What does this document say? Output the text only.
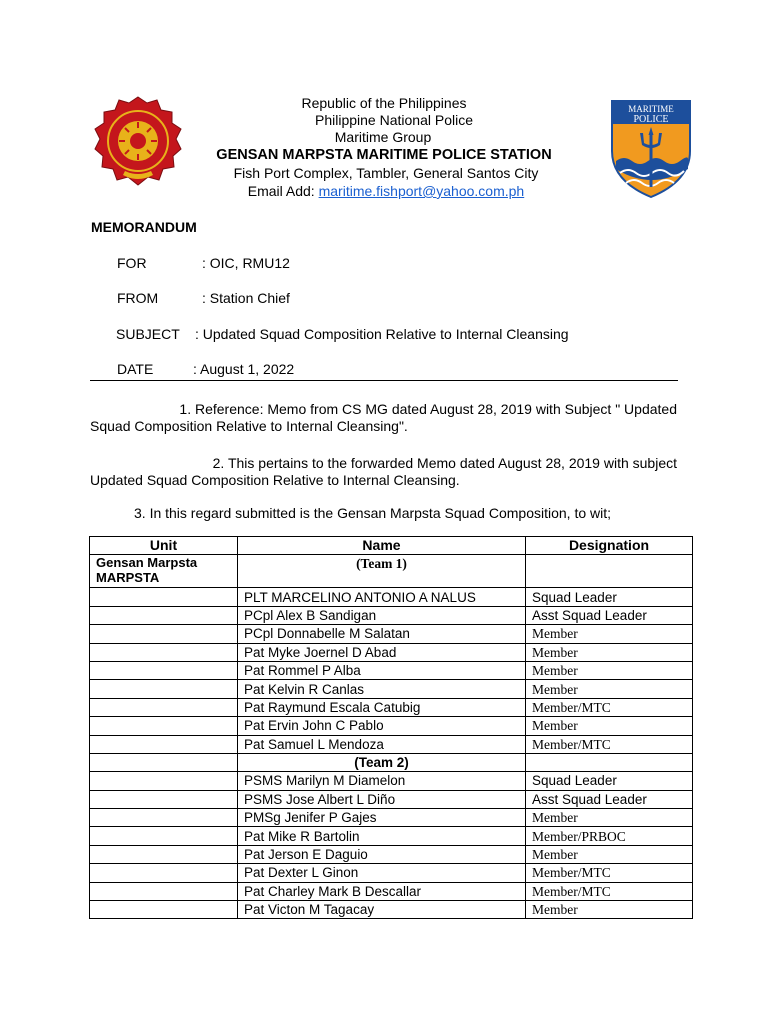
MARITIME
POLICE
Republic of the Philippines
Philippine National Police
Maritime Group
GENSAN MARPSTA MARITIME POLICE STATION
Fish Port Complex, Tambler, General Santos City
Email Add: maritime.fishport@yahoo.com.ph
MEMORANDUM
FOR	: OIC, RMU12
FROM	: Station Chief
SUBJECT : Updated Squad Composition Relative to Internal Cleansing
DATE	: August 1, 2022
1. Reference: Memo from CS MG dated August 28, 2019 with Subject " Updated
Squad Composition Relative to Internal Cleansing".
2. This pertains to the forwarded Memo dated August 28, 2019 with subject
Updated Squad Composition Relative to Internal Cleansing.
3. In this regard submitted is the Gensan Marpsta Squad Composition, to wit;
Unit	Name	Designation

Gensan Marpsta
MARPSTA	(Team 1)	
	PLT MARCELINO ANTONIO A NALUS	Squad Leader
	PCpl Alex B Sandigan	Asst Squad Leader
	PCpl Donnabelle M Salatan	Member
	Pat Myke Joernel D Abad	Member
	Pat Rommel P Alba	Member
	Pat Kelvin R Canlas	Member
	Pat Raymund Escala Catubig	Member/MTC
	Pat Ervin John C Pablo	Member
	Pat Samuel L Mendoza	Member/MTC
	(Team 2)	
	PSMS Marilyn M Diamelon	Squad Leader
	PSMS Jose Albert L Diño	Asst Squad Leader
	PMSg Jenifer P Gajes	Member
	Pat Mike R Bartolin	Member/PRBOC
	Pat Jerson E Daguio	Member
	Pat Dexter L Ginon	Member/MTC
	Pat Charley Mark B Descallar	Member/MTC
	Pat Victon M Tagacay	Member
